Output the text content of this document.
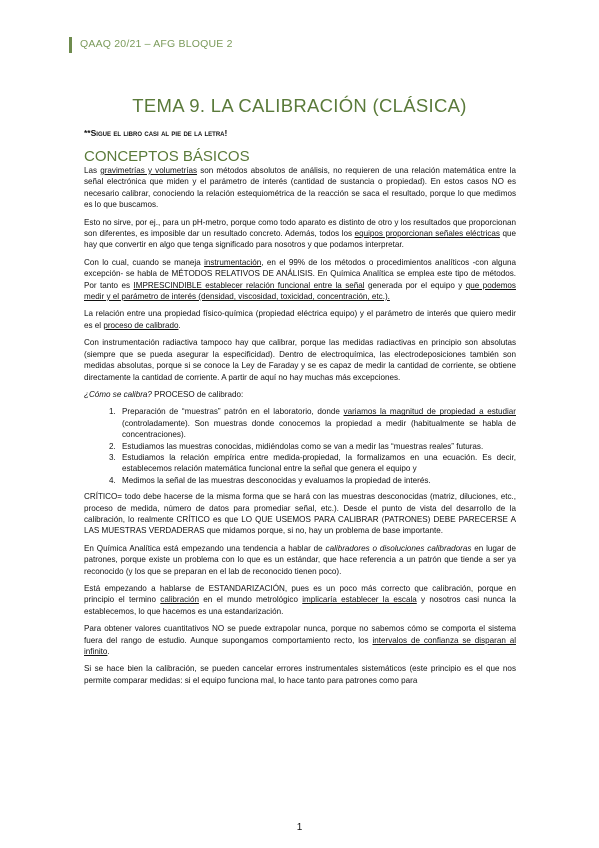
QAAQ 20/21 – AFG BLOQUE 2
TEMA 9. LA CALIBRACIÓN (CLÁSICA)
**Sigue el libro casi al pie de la letra!
CONCEPTOS BÁSICOS

Las gravimetrías y volumetrías son métodos absolutos de análisis, no requieren de una relación matemática entre la señal electrónica que miden y el parámetro de interés (cantidad de sustancia o propiedad). En estos casos NO es necesario calibrar, conociendo la relación estequiométrica de la reacción se saca el resultado, porque lo que medimos es lo que buscamos.

Esto no sirve, por ej., para un pH-metro, porque como todo aparato es distinto de otro y los resultados que proporcionan son diferentes, es imposible dar un resultado concreto. Además, todos los equipos proporcionan señales eléctricas que hay que convertir en algo que tenga significado para nosotros y que podamos interpretar.

Con lo cual, cuando se maneja instrumentación, en el 99% de los métodos o procedimientos analíticos -con alguna excepción- se habla de MÉTODOS RELATIVOS DE ANÁLISIS. En Química Analítica se emplea este tipo de métodos. Por tanto es IMPRESCINDIBLE establecer relación funcional entre la señal generada por el equipo y que podemos medir y el parámetro de interés (densidad, viscosidad, toxicidad, concentración, etc.).

La relación entre una propiedad físico-química (propiedad eléctrica equipo) y el parámetro de interés que quiero medir es el proceso de calibrado.

Con instrumentación radiactiva tampoco hay que calibrar, porque las medidas radiactivas en principio son absolutas (siempre que se pueda asegurar la especificidad). Dentro de electroquímica, las electrodeposiciones también son medidas absolutas, porque si se conoce la Ley de Faraday y se es capaz de medir la cantidad de corriente, se obtiene directamente la cantidad de corriente. A partir de aquí no hay muchas más excepciones.

¿Cómo se calibra? PROCESO de calibrado:

1. Preparación de “muestras” patrón en el laboratorio, donde variamos la magnitud de propiedad a estudiar (controladamente). Son muestras donde conocemos la propiedad a medir (habitualmente se habla de concentraciones).
2. Estudiamos las muestras conocidas, midiéndolas como se van a medir las “muestras reales” futuras.
3. Estudiamos la relación empírica entre medida-propiedad, la formalizamos en una ecuación. Es decir, establecemos relación matemática funcional entre la señal que genera el equipo y
4. Medimos la señal de las muestras desconocidas y evaluamos la propiedad de interés.

CRÍTICO= todo debe hacerse de la misma forma que se hará con las muestras desconocidas (matriz, diluciones, etc., proceso de medida, número de datos para promediar señal, etc.). Desde el punto de vista del desarrollo de la calibración, lo realmente CRÍTICO es que LO QUE USEMOS PARA CALIBRAR (PATRONES) DEBE PARECERSE A LAS MUESTRAS VERDADERAS que midamos porque, si no, hay un problema de base importante.

En Química Analítica está empezando una tendencia a hablar de calibradores o disoluciones calibradoras en lugar de patrones, porque existe un problema con lo que es un estándar, que hace referencia a un patrón que tiende a ser ya reconocido (y los que se preparan en el lab de reconocido tienen poco).

Está empezando a hablarse de ESTANDARIZACIÓN, pues es un poco más correcto que calibración, porque en principio el termino calibración en el mundo metrológico implicaría establecer la escala y nosotros casi nunca la establecemos, lo que hacemos es una estandarización.

Para obtener valores cuantitativos NO se puede extrapolar nunca, porque no sabemos cómo se comporta el sistema fuera del rango de estudio. Aunque supongamos comportamiento recto, los intervalos de confianza se disparan al infinito.

Si se hace bien la calibración, se pueden cancelar errores instrumentales sistemáticos (este principio es el que nos permite comparar medidas: si el equipo funciona mal, lo hace tanto para patrones como para

1
